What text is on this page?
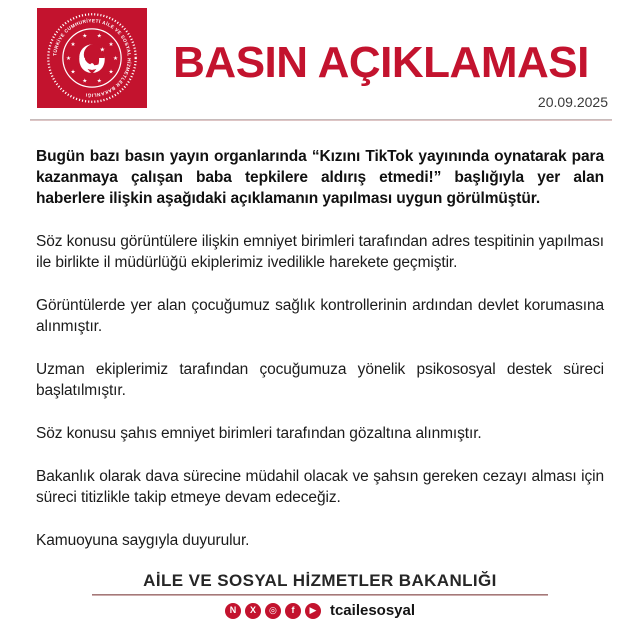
TÜRKİYE CUMHURİYETİ AİLE VE SOSYAL HİZMETLER BAKANLIĞI
★
★
★
★
★
★
★
★ ★
★
★	BASIN AÇIKLAMASI
20.09.2025

Bugün bazı basın yayın organlarında “Kızını TikTok yayınında oynatarak para kazanmaya çalışan baba tepkilere aldırış etmedi!” başlığıyla yer alan haberlere ilişkin aşağıdaki açıklamanın yapılması uygun görülmüştür.

Söz konusu görüntülere ilişkin emniyet birimleri tarafından adres tespitinin yapılması ile birlikte il müdürlüğü ekiplerimiz ivedilikle harekete geçmiştir.

Görüntülerde yer alan çocuğumuz sağlık kontrollerinin ardından devlet korumasına alınmıştır.

Uzman ekiplerimiz tarafından çocuğumuza yönelik psikososyal destek süreci başlatılmıştır.

Söz konusu şahıs emniyet birimleri tarafından gözaltına alınmıştır.

Bakanlık olarak dava sürecine müdahil olacak ve şahsın gereken cezayı alması için süreci titizlikle takip etmeye devam edeceğiz.

Kamuoyuna saygıyla duyurulur.

AİLE VE SOSYAL HİZMETLER BAKANLIĞI
N	X	◎	f	▶ tcailesosyal
